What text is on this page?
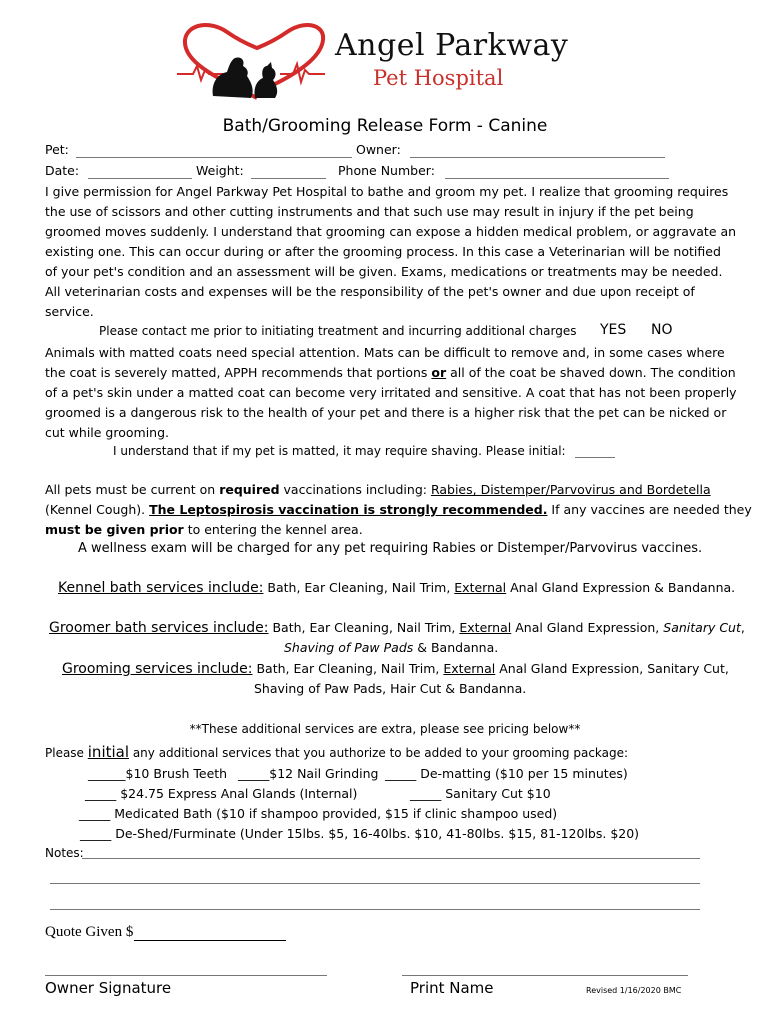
Angel Parkway
Pet Hospital
Bath/Grooming Release Form - Canine
Pet:	Owner:
Date:	Weight:	Phone Number:
I give permission for Angel Parkway Pet Hospital to bathe and groom my pet. I realize that grooming requires
the use of scissors and other cutting instruments and that such use may result in injury if the pet being
groomed moves suddenly. I understand that grooming can expose a hidden medical problem, or aggravate an
existing one. This can occur during or after the grooming process. In this case a Veterinarian will be notified
of your pet's condition and an assessment will be given. Exams, medications or treatments may be needed.
All veterinarian costs and expenses will be the responsibility of the pet's owner and due upon receipt of
service.
Please contact me prior to initiating treatment and incurring additional charges YES NO
Animals with matted coats need special attention. Mats can be difficult to remove and, in some cases where
the coat is severely matted, APPH recommends that portions or all of the coat be shaved down. The condition
of a pet's skin under a matted coat can become very irritated and sensitive. A coat that has not been properly
groomed is a dangerous risk to the health of your pet and there is a higher risk that the pet can be nicked or
cut while grooming.
I understand that if my pet is matted, it may require shaving. Please initial:
All pets must be current on required vaccinations including: Rabies, Distemper/Parvovirus and Bordetella
(Kennel Cough). The Leptospirosis vaccination is strongly recommended. If any vaccines are needed they
must be given prior to entering the kennel area.
A wellness exam will be charged for any pet requiring Rabies or Distemper/Parvovirus vaccines.
Kennel bath services include: Bath, Ear Cleaning, Nail Trim, External Anal Gland Expression & Bandanna.
Groomer bath services include: Bath, Ear Cleaning, Nail Trim, External Anal Gland Expression, Sanitary Cut,
Shaving of Paw Pads & Bandanna.
Grooming services include: Bath, Ear Cleaning, Nail Trim, External Anal Gland Expression, Sanitary Cut,
Shaving of Paw Pads, Hair Cut & Bandanna.
**These additional services are extra, please see pricing below**
Please initial any additional services that you authorize to be added to your grooming package:
______$10 Brush Teeth _____$12 Nail Grinding _____ De-matting ($10 per 15 minutes)
_____ $24.75 Express Anal Glands (Internal)	_____ Sanitary Cut $10
_____ Medicated Bath ($10 if shampoo provided, $15 if clinic shampoo used)
_____ De-Shed/Furminate (Under 15lbs. $5, 16-40lbs. $10, 41-80lbs. $15, 81-120lbs. $20)
Notes:
Quote Given $
Owner Signature	Print Name	Revised 1/16/2020 BMC
